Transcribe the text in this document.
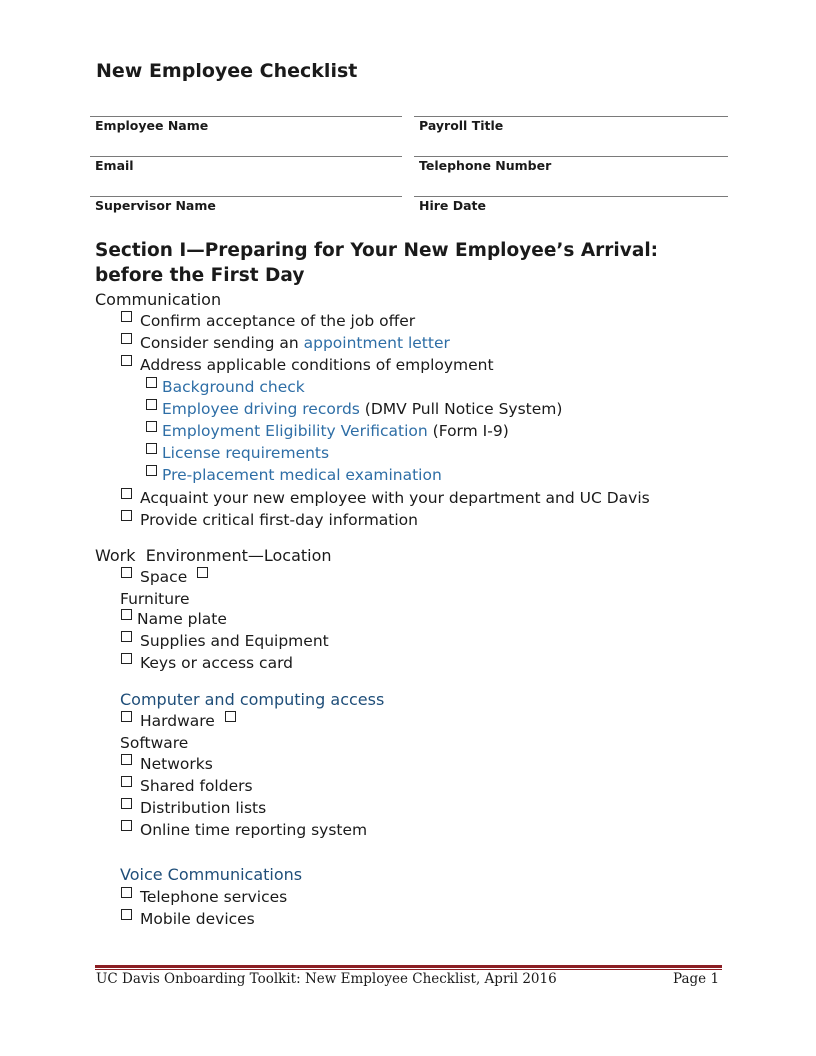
New Employee Checklist
Employee Name	Payroll Title
Email	Telephone Number
Supervisor Name	Hire Date
Section I—Preparing for Your New Employee’s Arrival:
before the First Day
Communication
Confirm acceptance of the job offer
Consider sending an appointment letter
Address applicable conditions of employment
Background check
Employee driving records (DMV Pull Notice System)
Employment Eligibility Verification (Form I-9)
License requirements
Pre-placement medical examination
Acquaint your new employee with your department and UC Davis
Provide critical first-day information
Work  Environment—Location
Space
Furniture
Name plate
Supplies and Equipment
Keys or access card
Computer and computing access
Hardware
Software
Networks
Shared folders
Distribution lists
Online time reporting system
Voice Communications
Telephone services
Mobile devices
UC Davis Onboarding Toolkit: New Employee Checklist, April 2016	Page 1
